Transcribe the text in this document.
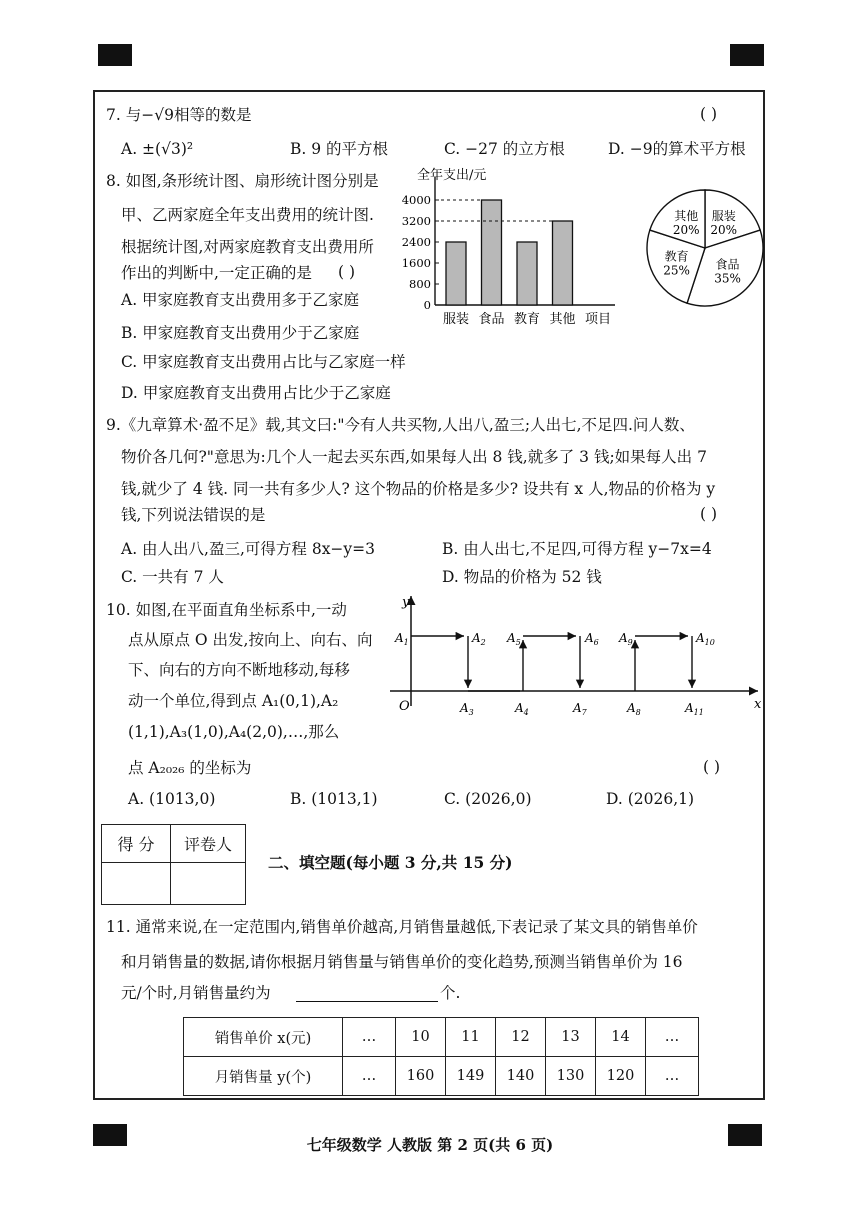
7. 与−√9相等的数是	( )
A. ±(√3)²	B. 9 的平方根	C. −27 的立方根	D. −9的算术平方根
8. 如图,条形统计图、扇形统计图分别是
甲、乙两家庭全年支出费用的统计图.
根据统计图,对两家庭教育支出费用所
作出的判断中,一定正确的是 ( )
A. 甲家庭教育支出费用多于乙家庭
B. 甲家庭教育支出费用少于乙家庭
C. 甲家庭教育支出费用占比与乙家庭一样
D. 甲家庭教育支出费用占比少于乙家庭
全年支出/元
0
800
1600
2400
3200
4000
服装 食品 教育 其他 项目
服装
20%
食品
35%
教育
25%
其他
20%
9.《九章算术·盈不足》载,其文曰:"今有人共买物,人出八,盈三;人出七,不足四.问人数、
物价各几何?"意思为:几个人一起去买东西,如果每人出 8 钱,就多了 3 钱;如果每人出 7
钱,就少了 4 钱. 同一共有多少人? 这个物品的价格是多少? 设共有 x 人,物品的价格为 y
钱,下列说法错误的是	( )
A. 由人出八,盈三,可得方程 8x−y=3	B. 由人出七,不足四,可得方程 y−7x=4
C. 一共有 7 人	D. 物品的价格为 52 钱
10. 如图,在平面直角坐标系中,一动
点从原点 O 出发,按向上、向右、向
下、向右的方向不断地移动,每移
动一个单位,得到点 A₁(0,1),A₂
(1,1),A₃(1,0),A₄(2,0),…,那么
点 A₂₀₂₆ 的坐标为	( )
A. (1013,0)	B. (1013,1)	C. (2026,0)	D. (2026,1)
y
x
O
$A_1$	$A_2$ $A_5$	$A_6$ $A_9$	$A_{10}$
$A_3$	$A_4$	$A_7$	$A_8$	$A_{11}$
得 分	评卷人

二、填空题(每小题 3 分,共 15 分)
11. 通常来说,在一定范围内,销售单价越高,月销售量越低,下表记录了某文具的销售单价
和月销售量的数据,请你根据月销售量与销售单价的变化趋势,预测当销售单价为 16
元/个时,月销售量约为	个.
销售单价 x(元)	…	10	11	12	13	14	…
月销售量 y(个)	…	160	149	140	130	120	…
七年级数学 人教版 第 2 页(共 6 页)
